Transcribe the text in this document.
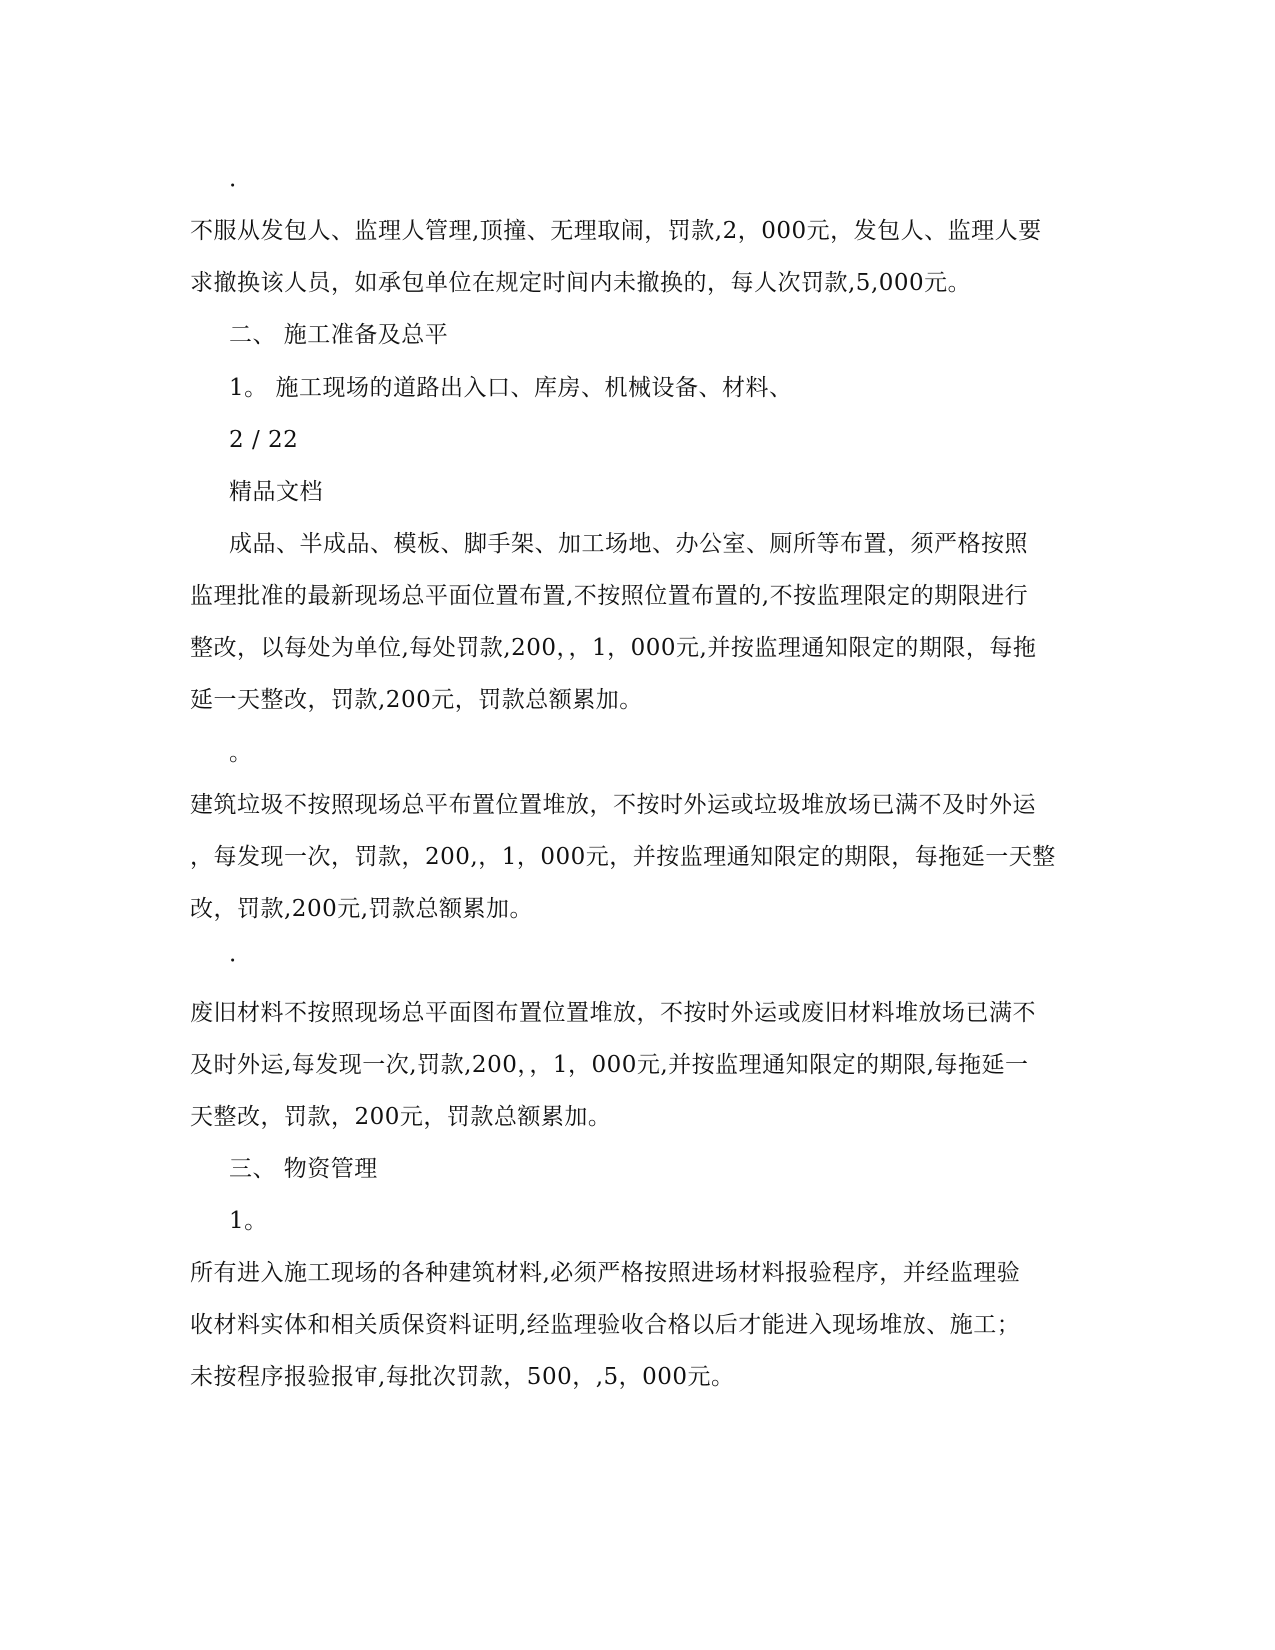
·
不服从发包人、监理人管理,顶撞、无理取闹，罚款,2，000元，发包人、监理人要
求撤换该人员，如承包单位在规定时间内未撤换的，每人次罚款,5,000元。
二、 施工准备及总平
1。 施工现场的道路出入口、库房、机械设备、材料、
2 / 22
精品文档
成品、半成品、模板、脚手架、加工场地、办公室、厕所等布置，须严格按照
监理批准的最新现场总平面位置布置,不按照位置布置的,不按监理限定的期限进行
整改，以每处为单位,每处罚款,200，，1，000元,并按监理通知限定的期限，每拖
延一天整改，罚款,200元，罚款总额累加。
。
建筑垃圾不按照现场总平布置位置堆放，不按时外运或垃圾堆放场已满不及时外运
，每发现一次，罚款，200,，1，000元，并按监理通知限定的期限，每拖延一天整
改，罚款,200元,罚款总额累加。
·
废旧材料不按照现场总平面图布置位置堆放，不按时外运或废旧材料堆放场已满不
及时外运,每发现一次,罚款,200，，1，000元,并按监理通知限定的期限,每拖延一
天整改，罚款，200元，罚款总额累加。
三、 物资管理
1。
所有进入施工现场的各种建筑材料,必须严格按照进场材料报验程序，并经监理验
收材料实体和相关质保资料证明,经监理验收合格以后才能进入现场堆放、施工；
未按程序报验报审,每批次罚款，500，,5，000元。
